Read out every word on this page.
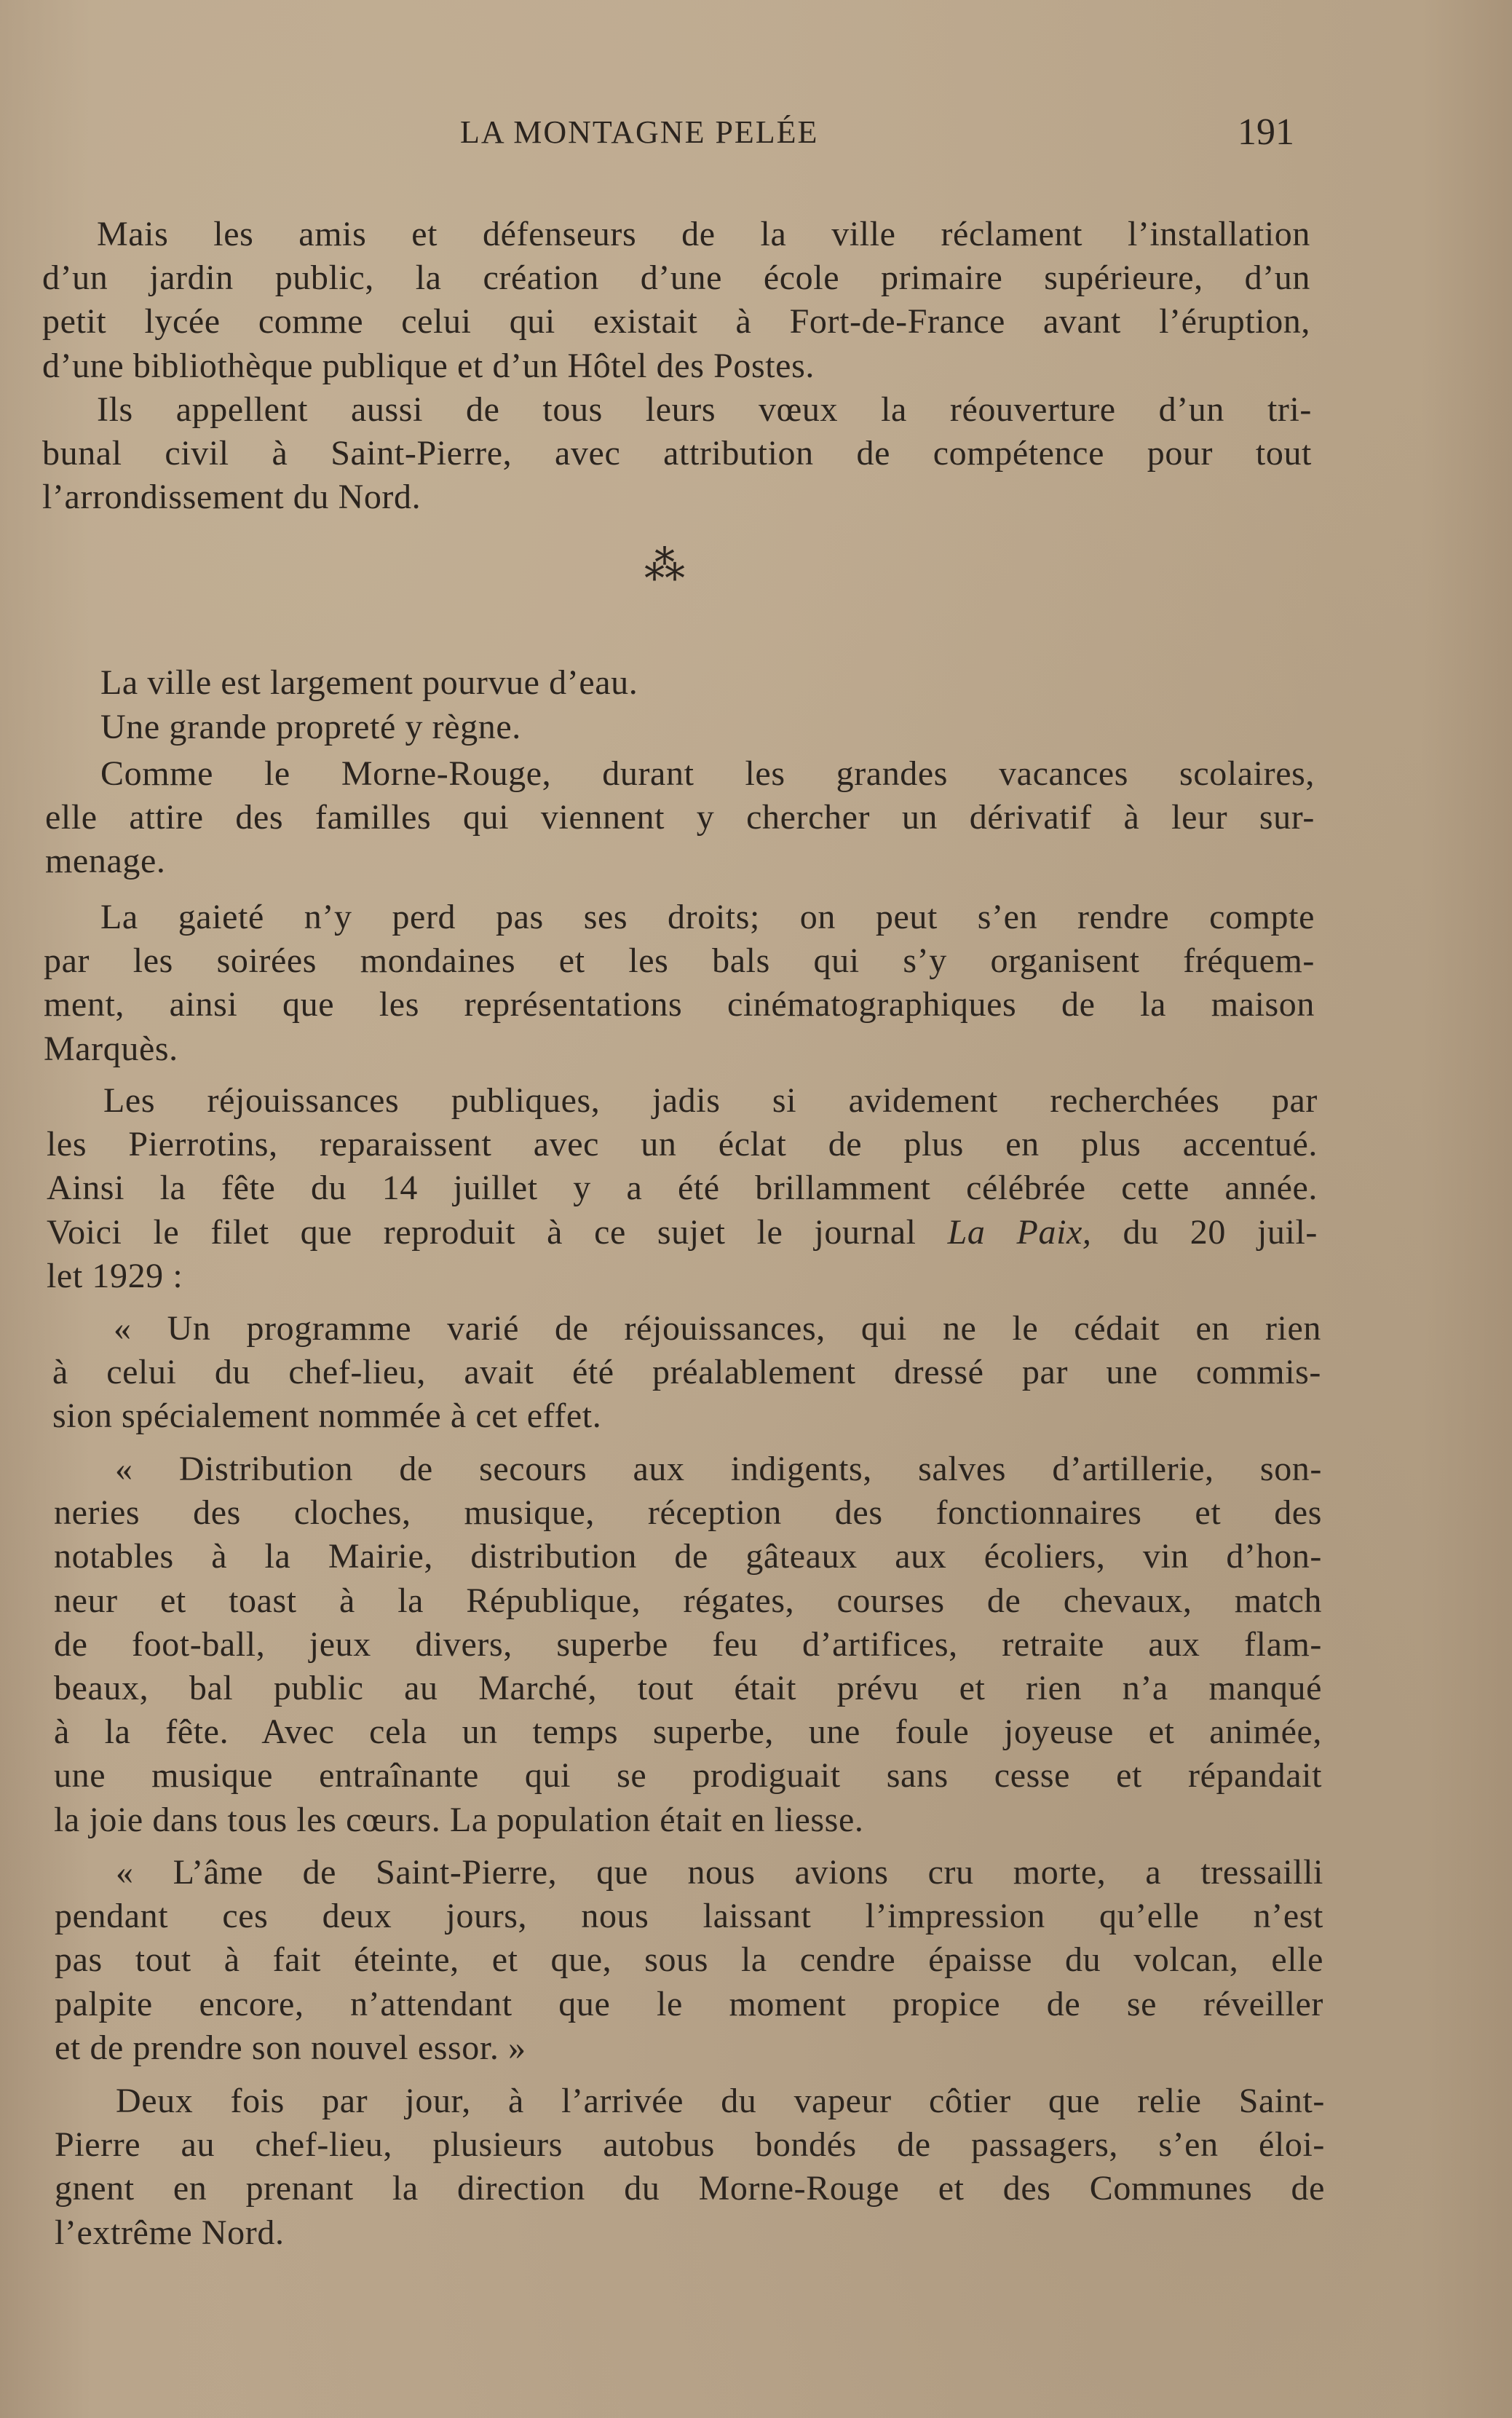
LA MONTAGNE PELÉE	191
⁂
Mais les amis et défenseurs de la ville réclament l’installation
d’un jardin public, la création d’une école primaire supérieure, d’un
petit lycée comme celui qui existait à Fort-de-France avant l’éruption,
d’une bibliothèque publique et d’un Hôtel des Postes.
Ils appellent aussi de tous leurs vœux la réouverture d’un tri-
bunal civil à Saint-Pierre, avec attribution de compétence pour tout
l’arrondissement du Nord.
La ville est largement pourvue d’eau.
Une grande propreté y règne.
Comme le Morne-Rouge, durant les grandes vacances scolaires,
elle attire des familles qui viennent y chercher un dérivatif à leur sur-
menage.
La gaieté n’y perd pas ses droits; on peut s’en rendre compte
par les soirées mondaines et les bals qui s’y organisent fréquem-
ment, ainsi que les représentations cinématographiques de la maison
Marquès.
Les réjouissances publiques, jadis si avidement recherchées par
les Pierrotins, reparaissent avec un éclat de plus en plus accentué.
Ainsi la fête du 14 juillet y a été brillamment célébrée cette année.
Voici le filet que reproduit à ce sujet le journal La Paix, du 20 juil-
let 1929 :
« Un programme varié de réjouissances, qui ne le cédait en rien
à celui du chef-lieu, avait été préalablement dressé par une commis-
sion spécialement nommée à cet effet.
« Distribution de secours aux indigents, salves d’artillerie, son-
neries des cloches, musique, réception des fonctionnaires et des
notables à la Mairie, distribution de gâteaux aux écoliers, vin d’hon-
neur et toast à la République, régates, courses de chevaux, match
de foot-ball, jeux divers, superbe feu d’artifices, retraite aux flam-
beaux, bal public au Marché, tout était prévu et rien n’a manqué
à la fête. Avec cela un temps superbe, une foule joyeuse et animée,
une musique entraînante qui se prodiguait sans cesse et répandait
la joie dans tous les cœurs. La population était en liesse.
« L’âme de Saint-Pierre, que nous avions cru morte, a tressailli
pendant ces deux jours, nous laissant l’impression qu’elle n’est
pas tout à fait éteinte, et que, sous la cendre épaisse du volcan, elle
palpite encore, n’attendant que le moment propice de se réveiller
et de prendre son nouvel essor. »
Deux fois par jour, à l’arrivée du vapeur côtier que relie Saint-
Pierre au chef-lieu, plusieurs autobus bondés de passagers, s’en éloi-
gnent en prenant la direction du Morne-Rouge et des Communes de
l’extrême Nord.
